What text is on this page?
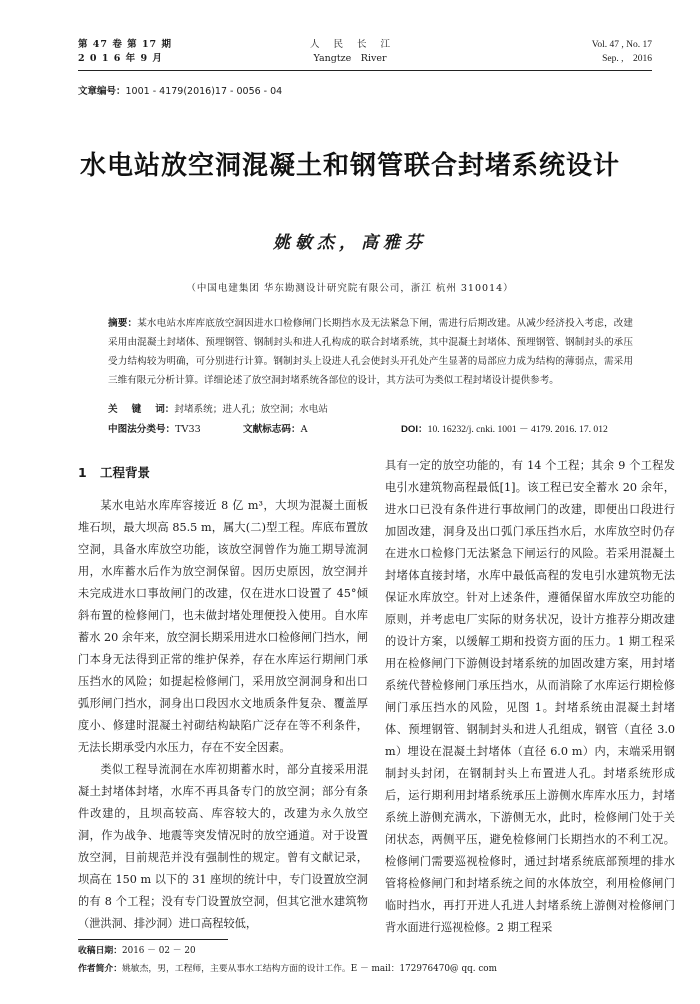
第 47 卷 第 17 期
2 0 1 6 年 9 月
人民长江
Yangtze　River
Vol. 47 , No. 17
Sep. ,　2016
文章编号：1001 - 4179(2016)17 - 0056 - 04
水电站放空洞混凝土和钢管联合封堵系统设计
姚敏杰，高雅芬
（中国电建集团 华东勘测设计研究院有限公司，浙江 杭州 310014）
摘要：某水电站水库库底放空洞因进水口检修闸门长期挡水及无法紧急下闸，需进行后期改建。从减少经济投入考虑，改建采用由混凝土封堵体、预埋钢管、钢制封头和进人孔构成的联合封堵系统，其中混凝土封堵体、预埋钢管、钢制封头的承压受力结构较为明确，可分别进行计算。钢制封头上设进人孔会使封头开孔处产生显著的局部应力成为结构的薄弱点，需采用三维有限元分析计算。详细论述了放空洞封堵系统各部位的设计，其方法可为类似工程封堵设计提供参考。
关键词：封堵系统；进人孔；放空洞；水电站
中图法分类号：TV33	文献标志码：A	DOI：10. 16232/j. cnki. 1001 － 4179. 2016. 17. 012
1 工程背景

某水电站水库库容接近 8 亿 m³，大坝为混凝土面板堆石坝，最大坝高 85.5 m，属大(二)型工程。库底布置放空洞，具备水库放空功能，该放空洞曾作为施工期导流洞用，水库蓄水后作为放空洞保留。因历史原因，放空洞并未完成进水口事故闸门的改建，仅在进水口设置了 45°倾斜布置的检修闸门，也未做封堵处理便投入使用。自水库蓄水 20 余年来，放空洞长期采用进水口检修闸门挡水，闸门本身无法得到正常的维护保养，存在水库运行期闸门承压挡水的风险；如提起检修闸门，采用放空洞洞身和出口弧形闸门挡水，洞身出口段因水文地质条件复杂、覆盖厚度小、修建时混凝土衬砌结构缺陷广泛存在等不利条件，无法长期承受内水压力，存在不安全因素。

类似工程导流洞在水库初期蓄水时，部分直接采用混凝土封堵体封堵，水库不再具备专门的放空洞；部分有条件改建的，且坝高较高、库容较大的，改建为永久放空洞，作为战争、地震等突发情况时的放空通道。对于设置放空洞，目前规范并没有强制性的规定。曾有文献记录，坝高在 150 m 以下的 31 座坝的统计中，专门设置放空洞的有 8 个工程；没有专门设置放空洞，但其它泄水建筑物（泄洪洞、排沙洞）进口高程较低，

具有一定的放空功能的，有 14 个工程；其余 9 个工程发电引水建筑物高程最低[1]。该工程已安全蓄水 20 余年，进水口已没有条件进行事故闸门的改建，即便出口段进行加固改建，洞身及出口弧门承压挡水后，水库放空时仍存在进水口检修门无法紧急下闸运行的风险。若采用混凝土封堵体直接封堵，水库中最低高程的发电引水建筑物无法保证水库放空。针对上述条件，遵循保留水库放空功能的原则，并考虑电厂实际的财务状况，设计方推荐分期改建的设计方案，以缓解工期和投资方面的压力。1 期工程采用在检修闸门下游侧设封堵系统的加固改建方案，用封堵系统代替检修闸门承压挡水，从而消除了水库运行期检修闸门承压挡水的风险，见图 1。封堵系统由混凝土封堵体、预埋钢管、钢制封头和进人孔组成，钢管（直径 3.0 m）埋设在混凝土封堵体（直径 6.0 m）内，末端采用钢制封头封闭，在钢制封头上布置进人孔。封堵系统形成后，运行期利用封堵系统承压上游侧水库库水压力，封堵系统上游侧充满水，下游侧无水，此时，检修闸门处于关闭状态，两侧平压，避免检修闸门长期挡水的不利工况。检修闸门需要巡视检修时，通过封堵系统底部预埋的排水管将检修闸门和封堵系统之间的水体放空，利用检修闸门临时挡水，再打开进人孔进人封堵系统上游侧对检修闸门背水面进行巡视检修。2 期工程采

收稿日期：2016 － 02 － 20
作者简介：姚敏杰，男，工程师，主要从事水工结构方面的设计工作。E － mail：172976470@ qq. com
